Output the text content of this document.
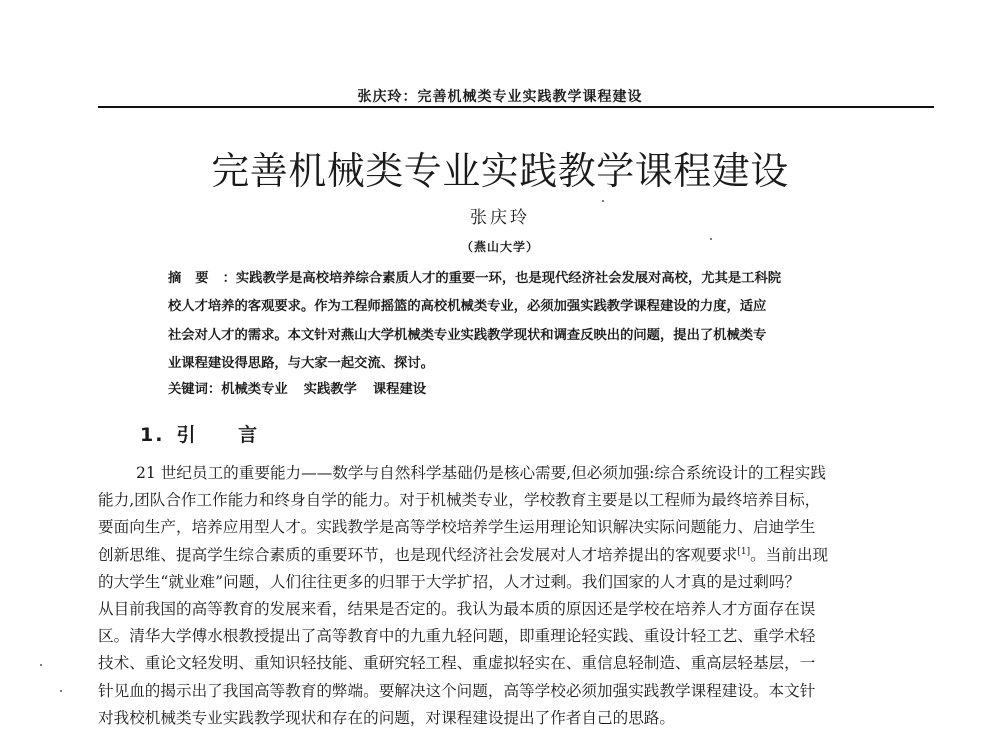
张庆玲：完善机械类专业实践教学课程建设
完善机械类专业实践教学课程建设
张庆玲
（燕山大学）
摘要：实践教学是高校培养综合素质人才的重要一环，也是现代经济社会发展对高校，尤其是工科院
校人才培养的客观要求。作为工程师摇篮的高校机械类专业，必须加强实践教学课程建设的力度，适应
社会对人才的需求。本文针对燕山大学机械类专业实践教学现状和调查反映出的问题，提出了机械类专
业课程建设得思路，与大家一起交流、探讨。
关键词：机械类专业 实践教学 课程建设
1. 引 言
21 世纪员工的重要能力——数学与自然科学基础仍是核心需要,但必须加强:综合系统设计的工程实践
能力,团队合作工作能力和终身自学的能力。对于机械类专业，学校教育主要是以工程师为最终培养目标，
要面向生产，培养应用型人才。实践教学是高等学校培养学生运用理论知识解决实际问题能力、启迪学生
创新思维、提高学生综合素质的重要环节，也是现代经济社会发展对人才培养提出的客观要求[1]。当前出现
的大学生“就业难”问题，人们往往更多的归罪于大学扩招，人才过剩。我们国家的人才真的是过剩吗？
从目前我国的高等教育的发展来看，结果是否定的。我认为最本质的原因还是学校在培养人才方面存在误
区。清华大学傅水根教授提出了高等教育中的九重九轻问题，即重理论轻实践、重设计轻工艺、重学术轻
技术、重论文轻发明、重知识轻技能、重研究轻工程、重虚拟轻实在、重信息轻制造、重高层轻基层，一
针见血的揭示出了我国高等教育的弊端。要解决这个问题，高等学校必须加强实践教学课程建设。本文针
对我校机械类专业实践教学现状和存在的问题，对课程建设提出了作者自己的思路。
